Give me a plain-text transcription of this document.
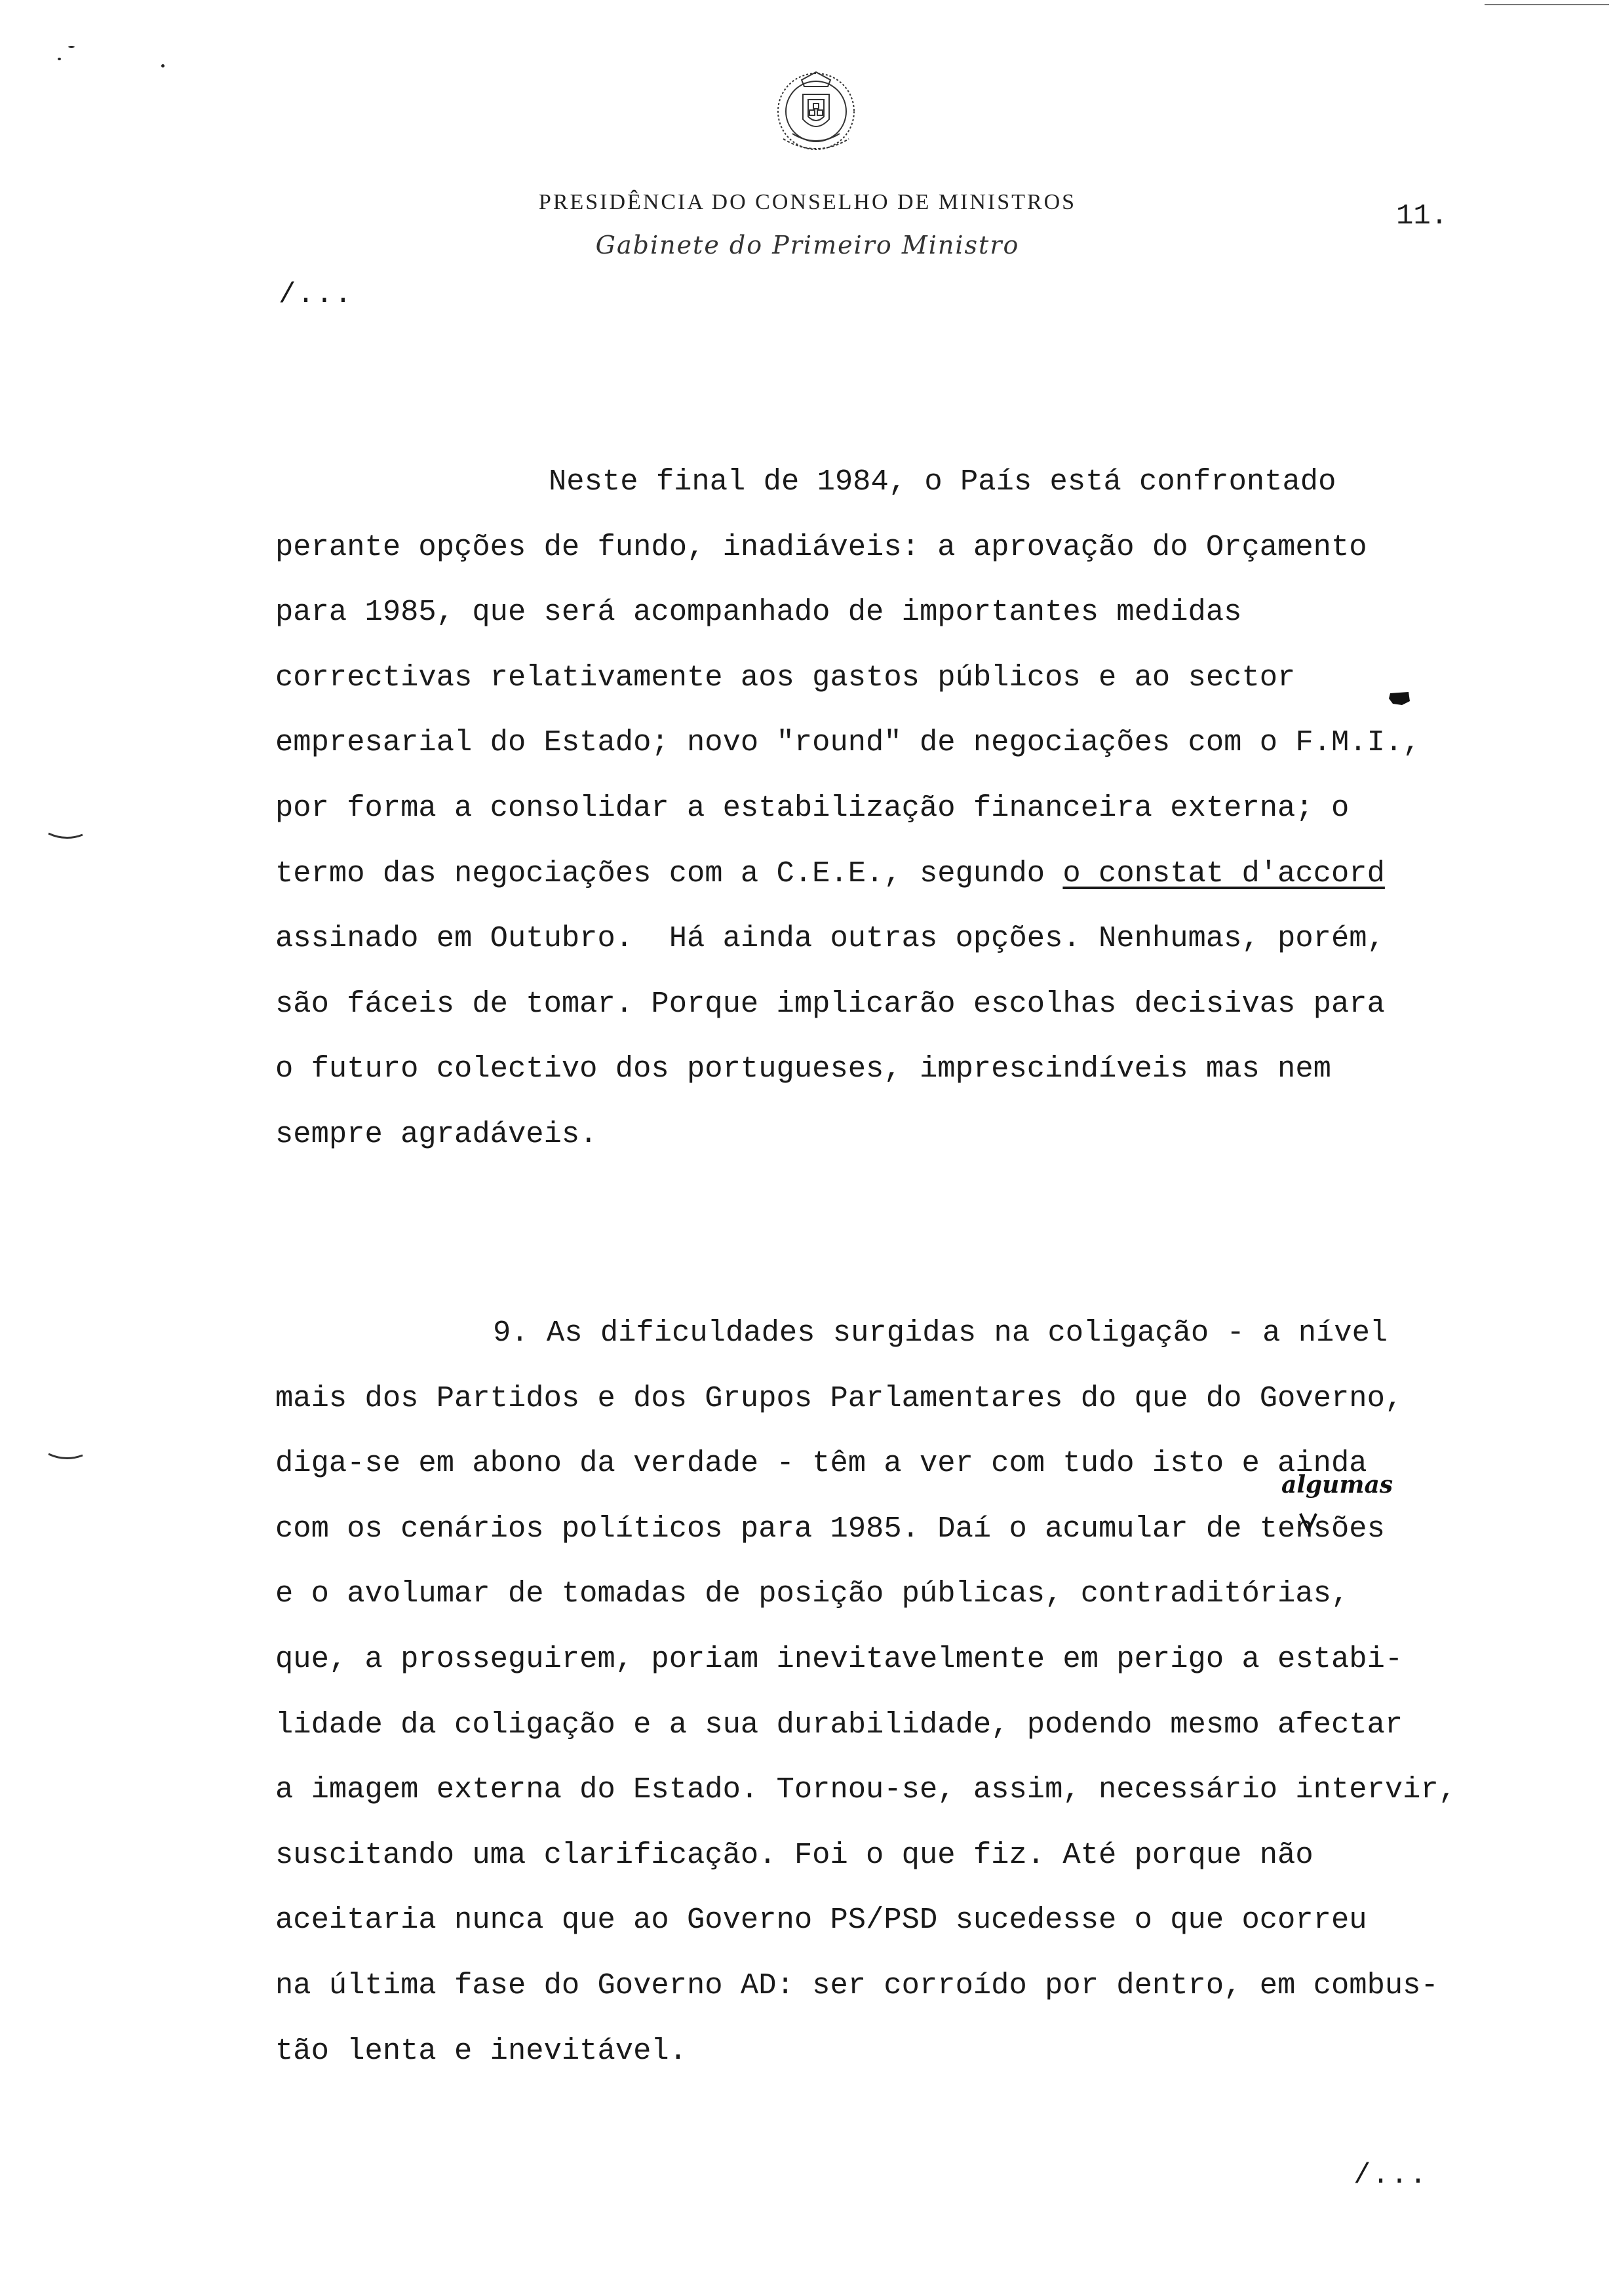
PRESIDÊNCIA DO CONSELHO DE MINISTROS
Gabinete do Primeiro Ministro
11.
/...
Neste final de 1984, o País está confrontado
perante opções de fundo, inadiáveis: a aprovação do Orçamento
para 1985, que será acompanhado de importantes medidas
correctivas relativamente aos gastos públicos e ao sector
empresarial do Estado; novo "round" de negociações com o F.M.I.,
por forma a consolidar a estabilização financeira externa; o
termo das negociações com a C.E.E., segundo o constat d'accord
assinado em Outubro.  Há ainda outras opções. Nenhumas, porém,
são fáceis de tomar. Porque implicarão escolhas decisivas para
o futuro colectivo dos portugueses, imprescindíveis mas nem
sempre agradáveis.
9. As dificuldades surgidas na coligação - a nível
mais dos Partidos e dos Grupos Parlamentares do que do Governo,
diga-se em abono da verdade - têm a ver com tudo isto e ainda
com os cenários políticos para 1985. Daí o acumular de tensões
e o avolumar de tomadas de posição públicas, contraditórias,
que, a prosseguirem, poriam inevitavelmente em perigo a estabi-
lidade da coligação e a sua durabilidade, podendo mesmo afectar
a imagem externa do Estado. Tornou-se, assim, necessário intervir,
suscitando uma clarificação. Foi o que fiz. Até porque não
aceitaria nunca que ao Governo PS/PSD sucedesse o que ocorreu
na última fase do Governo AD: ser corroído por dentro, em combus-
tão lenta e inevitável.
algumas
/...
